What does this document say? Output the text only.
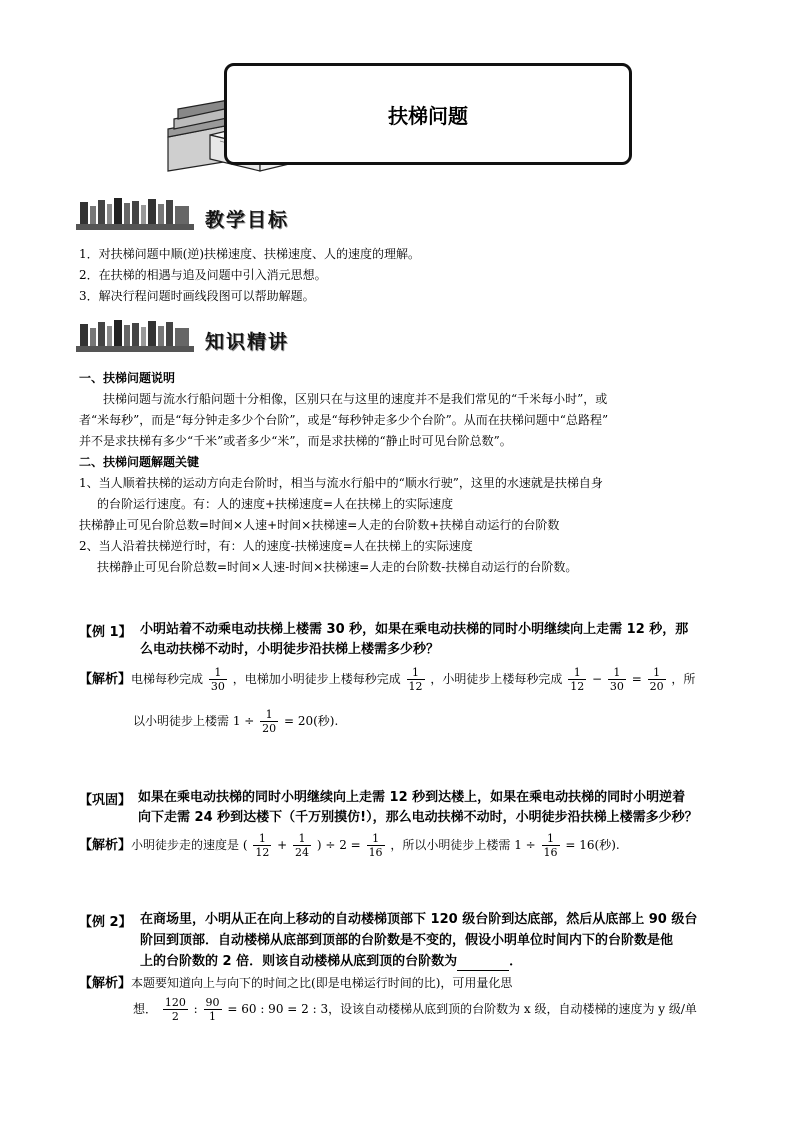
扶梯问题
教学目标
1．对扶梯问题中顺(逆)扶梯速度、扶梯速度、人的速度的理解。
2．在扶梯的相遇与追及问题中引入消元思想。
3．解决行程问题时画线段图可以帮助解题。
知识精讲
一、扶梯问题说明
扶梯问题与流水行船问题十分相像，区别只在与这里的速度并不是我们常见的“千米每小时”，或
者“米每秒”，而是“每分钟走多少个台阶”，或是“每秒钟走多少个台阶”。从而在扶梯问题中“总路程”
并不是求扶梯有多少“千米”或者多少“米”，而是求扶梯的“静止时可见台阶总数”。
二、扶梯问题解题关键
1、当人顺着扶梯的运动方向走台阶时，相当与流水行船中的“顺水行驶”，这里的水速就是扶梯自身
的台阶运行速度。有：人的速度+扶梯速度=人在扶梯上的实际速度
扶梯静止可见台阶总数=时间×人速+时间×扶梯速=人走的台阶数+扶梯自动运行的台阶数
2、当人沿着扶梯逆行时，有：人的速度-扶梯速度=人在扶梯上的实际速度
扶梯静止可见台阶总数=时间×人速-时间×扶梯速=人走的台阶数-扶梯自动运行的台阶数。
【例 1】 小明站着不动乘电动扶梯上楼需 30 秒，如果在乘电动扶梯的同时小明继续向上走需 12 秒，那
么电动扶梯不动时，小明徒步沿扶梯上楼需多少秒？
【解析】电梯每秒完成 $\frac{1}{30}$ ，电梯加小明徒步上楼每秒完成 $\frac{1}{12}$ ，小明徒步上楼每秒完成 $\frac{1}{12} - \frac{1}{30} = \frac{1}{20}$ ，所
以小明徒步上楼需 $1 \div \frac{1}{20} = 20$(秒).
【巩固】 如果在乘电动扶梯的同时小明继续向上走需 12 秒到达楼上，如果在乘电动扶梯的同时小明逆着
向下走需 24 秒到达楼下（千万别摸仿!），那么电动扶梯不动时，小明徒步沿扶梯上楼需多少秒？
【解析】小明徒步走的速度是 ( $\frac{1}{12} + \frac{1}{24}$ ) ÷ $2 = \frac{1}{16}$ ，所以小明徒步上楼需 $1 \div \frac{1}{16} = 16$(秒).
【例 2】 在商场里，小明从正在向上移动的自动楼梯顶部下 120 级台阶到达底部，然后从底部上 90 级台
阶回到顶部．自动楼梯从底部到顶部的台阶数是不变的，假设小明单位时间内下的台阶数是他
上的台阶数的 2 倍．则该自动楼梯从底到顶的台阶数为	．
【解析】本题要知道向上与向下的时间之比(即是电梯运行时间的比)，可用量化思
想． $\frac{120}{2}$ : $\frac{90}{1} = 60$ : 90 = 2 : 3，设该自动楼梯从底到顶的台阶数为 x 级，自动楼梯的速度为 y 级/单
